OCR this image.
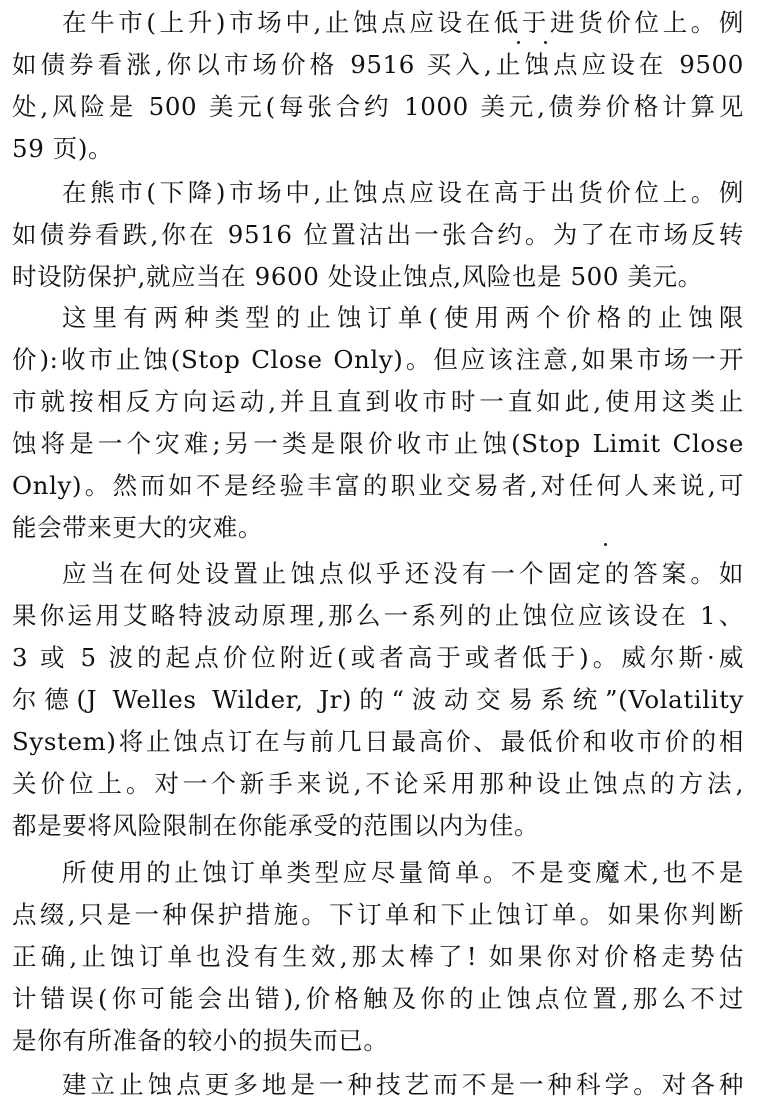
在牛市(上升)市场中,止蚀点应设在低于进货价位上。例
如债券看涨,你以市场价格 9516 买入,止蚀点应设在 9500
处,风险是 500 美元(每张合约 1000 美元,债券价格计算见
59 页)。
在熊市(下降)市场中,止蚀点应设在高于出货价位上。例
如债券看跌,你在 9516 位置沽出一张合约。为了在市场反转
时设防保护,就应当在 9600 处设止蚀点,风险也是 500 美元。
这里有两种类型的止蚀订单(使用两个价格的止蚀限
价):收市止蚀(Stop Close Only)。但应该注意,如果市场一开
市就按相反方向运动,并且直到收市时一直如此,使用这类止
蚀将是一个灾难;另一类是限价收市止蚀(Stop Limit Close
Only)。然而如不是经验丰富的职业交易者,对任何人来说,可
能会带来更大的灾难。
应当在何处设置止蚀点似乎还没有一个固定的答案。如
果你运用艾略特波动原理,那么一系列的止蚀位应该设在 1、
3 或 5 波的起点价位附近(或者高于或者低于)。威尔斯·威
尔德(J Welles Wilder, Jr)的“波动交易系统”(Volatility
System)将止蚀点订在与前几日最高价、最低价和收市价的相
关价位上。对一个新手来说,不论采用那种设止蚀点的方法,
都是要将风险限制在你能承受的范围以内为佳。
所使用的止蚀订单类型应尽量简单。不是变魔术,也不是
点缀,只是一种保护措施。下订单和下止蚀订单。如果你判断
正确,止蚀订单也没有生效,那太棒了! 如果你对价格走势估
计错误(你可能会出错),价格触及你的止蚀点位置,那么不过
是你有所准备的较小的损失而已。
建立止蚀点更多地是一种技艺而不是一种科学。对各种
